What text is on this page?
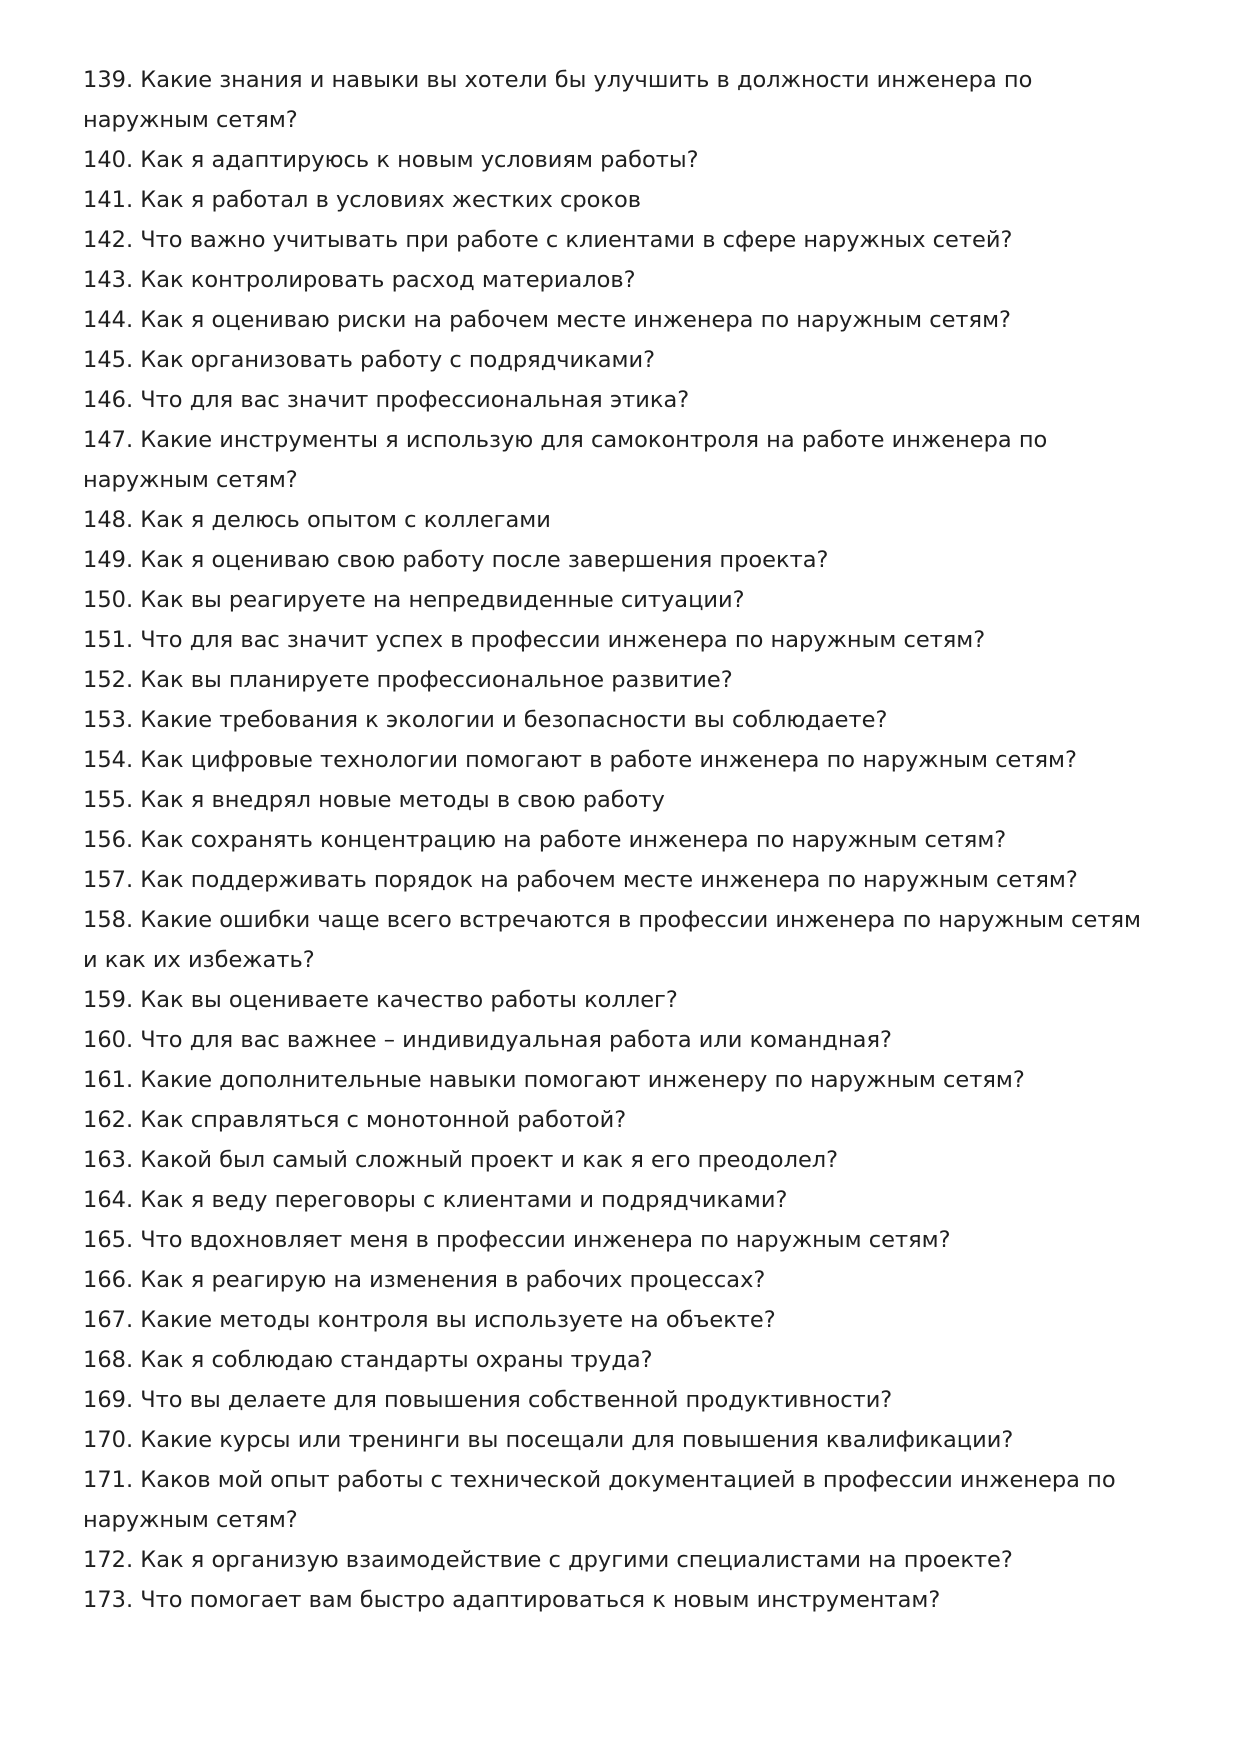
139. Какие знания и навыки вы хотели бы улучшить в должности инженера по наружным сетям?
140. Как я адаптируюсь к новым условиям работы?
141. Как я работал в условиях жестких сроков
142. Что важно учитывать при работе с клиентами в сфере наружных сетей?
143. Как контролировать расход материалов?
144. Как я оцениваю риски на рабочем месте инженера по наружным сетям?
145. Как организовать работу с подрядчиками?
146. Что для вас значит профессиональная этика?
147. Какие инструменты я использую для самоконтроля на работе инженера по наружным сетям?
148. Как я делюсь опытом с коллегами
149. Как я оцениваю свою работу после завершения проекта?
150. Как вы реагируете на непредвиденные ситуации?
151. Что для вас значит успех в профессии инженера по наружным сетям?
152. Как вы планируете профессиональное развитие?
153. Какие требования к экологии и безопасности вы соблюдаете?
154. Как цифровые технологии помогают в работе инженера по наружным сетям?
155. Как я внедрял новые методы в свою работу
156. Как сохранять концентрацию на работе инженера по наружным сетям?
157. Как поддерживать порядок на рабочем месте инженера по наружным сетям?
158. Какие ошибки чаще всего встречаются в профессии инженера по наружным сетям и как их избежать?
159. Как вы оцениваете качество работы коллег?
160. Что для вас важнее – индивидуальная работа или командная?
161. Какие дополнительные навыки помогают инженеру по наружным сетям?
162. Как справляться с монотонной работой?
163. Какой был самый сложный проект и как я его преодолел?
164. Как я веду переговоры с клиентами и подрядчиками?
165. Что вдохновляет меня в профессии инженера по наружным сетям?
166. Как я реагирую на изменения в рабочих процессах?
167. Какие методы контроля вы используете на объекте?
168. Как я соблюдаю стандарты охраны труда?
169. Что вы делаете для повышения собственной продуктивности?
170. Какие курсы или тренинги вы посещали для повышения квалификации?
171. Каков мой опыт работы с технической документацией в профессии инженера по наружным сетям?
172. Как я организую взаимодействие с другими специалистами на проекте?
173. Что помогает вам быстро адаптироваться к новым инструментам?
